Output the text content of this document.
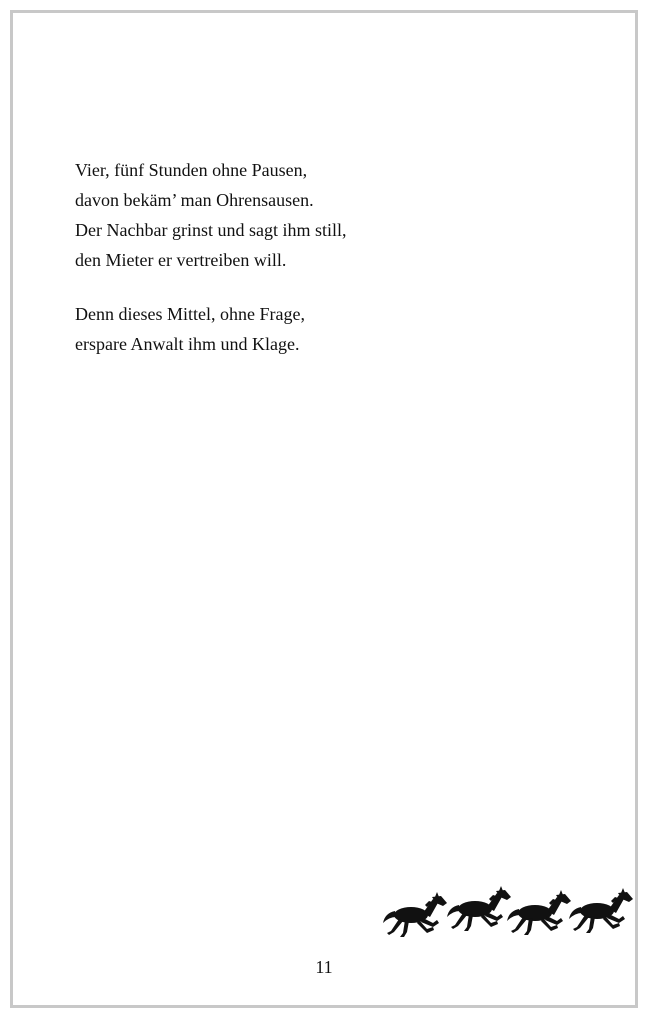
Vier, fünf Stunden ohne Pausen,
davon bekäm’ man Ohrensausen.
Der Nachbar grinst und sagt ihm still,
den Mieter er vertreiben will.

Denn dieses Mittel, ohne Frage,
erspare Anwalt ihm und Klage.

11
